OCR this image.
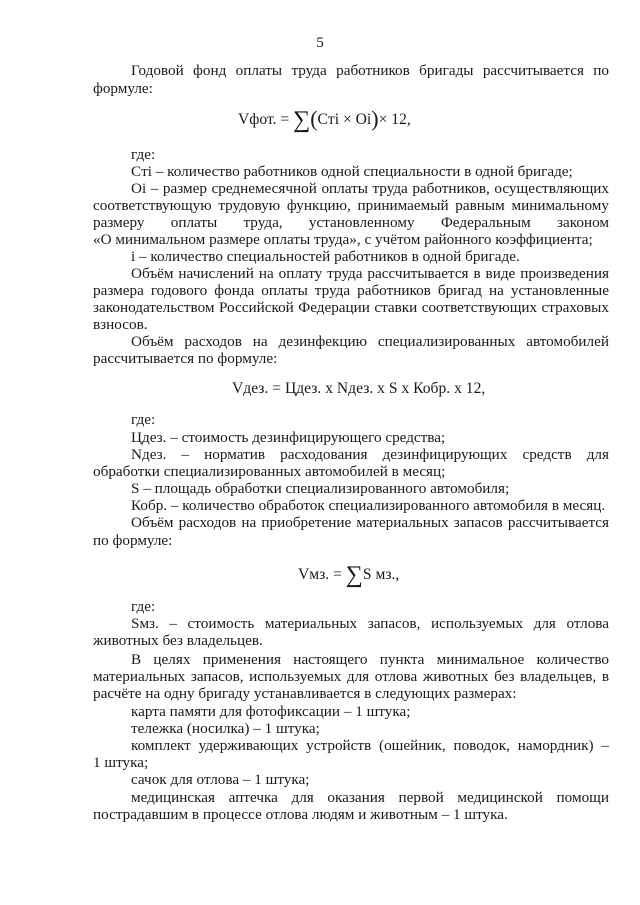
5
Годовой фонд оплаты труда работников бригады рассчитывается по
формуле:
Vфот. = ∑(Cтi × Oi)× 12,
где:
Cтi – количество работников одной специальности в одной бригаде;
Oi – размер среднемесячной оплаты труда работников, осуществляющих
соответствующую трудовую функцию, принимаемый равным минимальному
размеру оплаты труда, установленному Федеральным законом
«О минимальном размере оплаты труда», с учётом районного коэффициента;
i – количество специальностей работников в одной бригаде.
Объём начислений на оплату труда рассчитывается в виде произведения
размера годового фонда оплаты труда работников бригад на установленные
законодательством Российской Федерации ставки соответствующих страховых
взносов.
Объём расходов на дезинфекцию специализированных автомобилей
рассчитывается по формуле:
Vдез. = Цдез. x Nдез. x S x Кобр. x 12,
где:
Цдез. – стоимость дезинфицирующего средства;
Nдез. – норматив расходования дезинфицирующих средств для
обработки специализированных автомобилей в месяц;
S – площадь обработки специализированного автомобиля;
Кобр. – количество обработок специализированного автомобиля в месяц.
Объём расходов на приобретение материальных запасов рассчитывается
по формуле:
Vмз. = ∑S мз.,
где:
Sмз. – стоимость материальных запасов, используемых для отлова
животных без владельцев.
В целях применения настоящего пункта минимальное количество
материальных запасов, используемых для отлова животных без владельцев, в
расчёте на одну бригаду устанавливается в следующих размерах:
карта памяти для фотофиксации – 1 штука;
тележка (носилка) – 1 штука;
комплект удерживающих устройств (ошейник, поводок, намордник) –
1 штука;
сачок для отлова – 1 штука;
медицинская аптечка для оказания первой медицинской помощи
пострадавшим в процессе отлова людям и животным – 1 штука.
